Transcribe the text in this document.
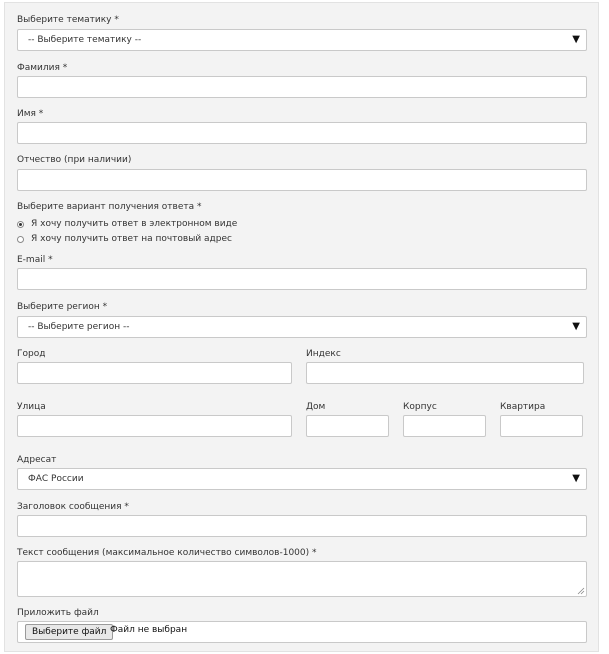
Выберите тематику *
-- Выберите тематику --	▼
Фамилия *
Имя *
Отчество (при наличии)
Выберите вариант получения ответа *
Я хочу получить ответ в электронном виде
Я хочу получить ответ на почтовый адрес
E-mail *
Выберите регион *
-- Выберите регион --	▼
Город	Индекс
Улица	Дом	Корпус	Квартира
Адресат
ФАС России	▼
Заголовок сообщения *
Текст сообщения (максимальное количество символов-1000) *
Приложить файл
Выберите файл Файл не выбран
